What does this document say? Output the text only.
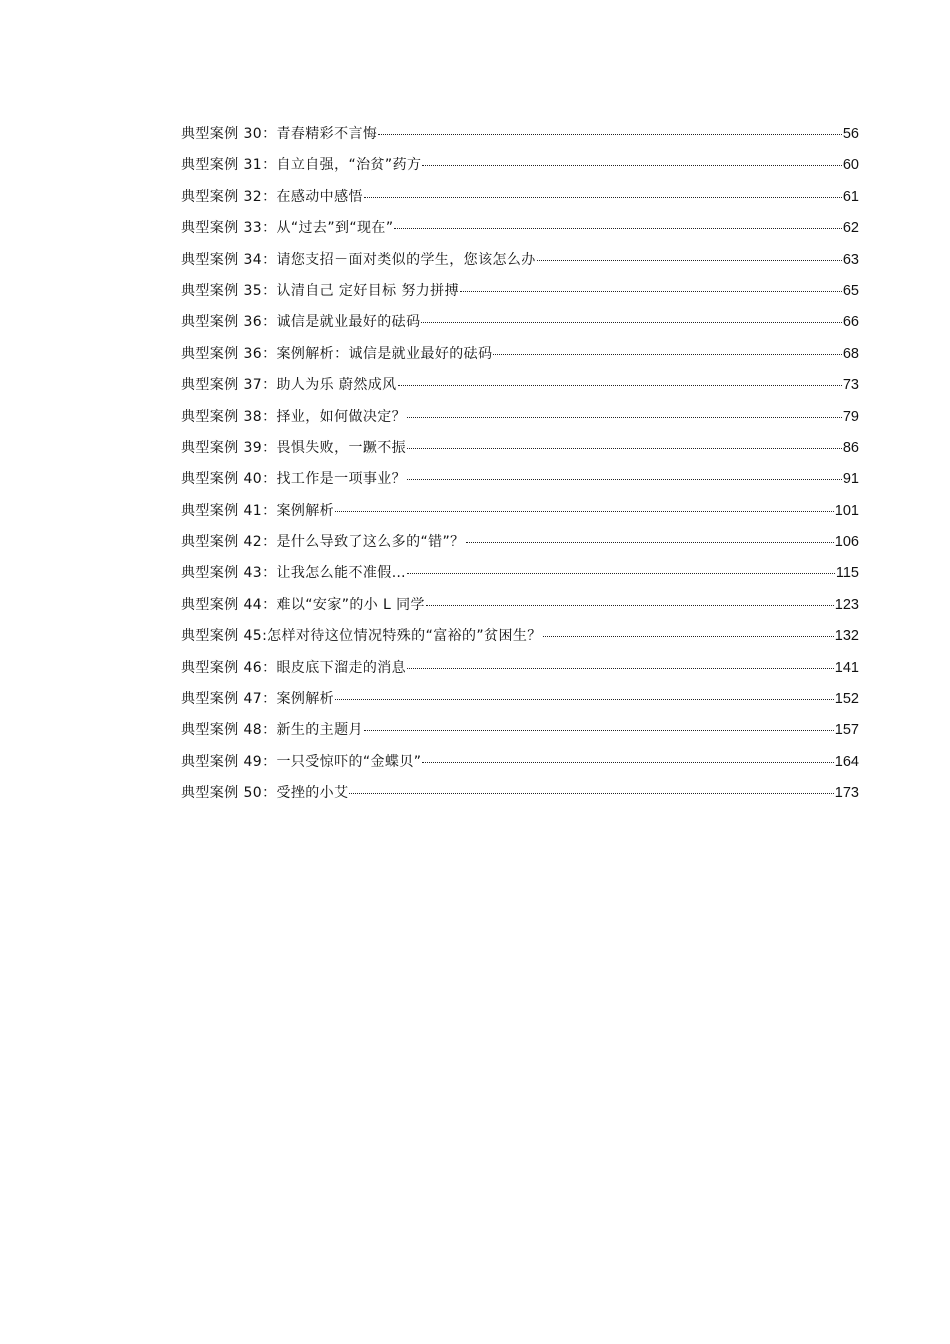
典型案例 30：青春精彩不言悔	56
典型案例 31：自立自强，“治贫”药方	60
典型案例 32：在感动中感悟	61
典型案例 33：从“过去”到“现在”	62
典型案例 34：请您支招－面对类似的学生，您该怎么办	63
典型案例 35：认清自己 定好目标 努力拼搏	65
典型案例 36：诚信是就业最好的砝码	66
典型案例 36：案例解析：诚信是就业最好的砝码	68
典型案例 37：助人为乐 蔚然成风	73
典型案例 38：择业，如何做决定？	79
典型案例 39：畏惧失败，一蹶不振	86
典型案例 40：找工作是一项事业？	91
典型案例 41：案例解析	101
典型案例 42：是什么导致了这么多的“错”？	106
典型案例 43：让我怎么能不准假…	115
典型案例 44：难以“安家”的小 L 同学	123
典型案例 45:怎样对待这位情况特殊的“富裕的”贫困生？	132
典型案例 46：眼皮底下溜走的消息	141
典型案例 47：案例解析	152
典型案例 48：新生的主题月	157
典型案例 49：一只受惊吓的“金蝶贝”	164
典型案例 50：受挫的小艾	173
